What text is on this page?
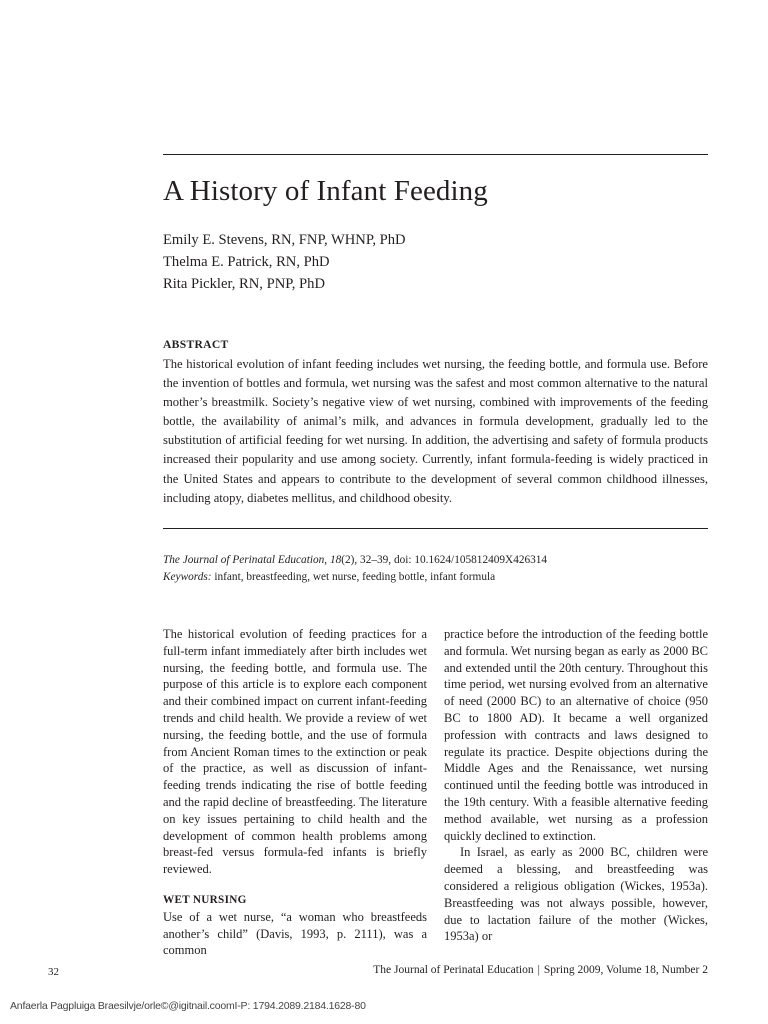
A History of Infant Feeding
Emily E. Stevens, RN, FNP, WHNP, PhD
Thelma E. Patrick, RN, PhD
Rita Pickler, RN, PNP, PhD
ABSTRACT

The historical evolution of infant feeding includes wet nursing, the feeding bottle, and formula use. Before the invention of bottles and formula, wet nursing was the safest and most common alternative to the natural mother’s breastmilk. Society’s negative view of wet nursing, combined with improvements of the feeding bottle, the availability of animal’s milk, and advances in formula development, gradually led to the substitution of artificial feeding for wet nursing. In addition, the advertising and safety of formula products increased their popularity and use among society. Currently, infant formula-feeding is widely practiced in the United States and appears to contribute to the development of several common childhood illnesses, including atopy, diabetes mellitus, and childhood obesity.

The Journal of Perinatal Education, 18(2), 32–39, doi: 10.1624/105812409X426314
Keywords: infant, breastfeeding, wet nurse, feeding bottle, infant formula

The historical evolution of feeding practices for a full-term infant immediately after birth includes wet nursing, the feeding bottle, and formula use. The purpose of this article is to explore each component and their combined impact on current infant-feeding trends and child health. We provide a review of wet nursing, the feeding bottle, and the use of formula from Ancient Roman times to the extinction or peak of the practice, as well as discussion of infant-feeding trends indicating the rise of bottle feeding and the rapid decline of breastfeeding. The literature on key issues pertaining to child health and the development of common health problems among breast-fed versus formula-fed infants is briefly reviewed.

WET NURSING

Use of a wet nurse, “a woman who breastfeeds another’s child” (Davis, 1993, p. 2111), was a common

practice before the introduction of the feeding bottle and formula. Wet nursing began as early as 2000 BC and extended until the 20th century. Throughout this time period, wet nursing evolved from an alternative of need (2000 BC) to an alternative of choice (950 BC to 1800 AD). It became a well organized profession with contracts and laws designed to regulate its practice. Despite objections during the Middle Ages and the Renaissance, wet nursing continued until the feeding bottle was introduced in the 19th century. With a feasible alternative feeding method available, wet nursing as a profession quickly declined to extinction.

In Israel, as early as 2000 BC, children were deemed a blessing, and breastfeeding was considered a religious obligation (Wickes, 1953a). Breastfeeding was not always possible, however, due to lactation failure of the mother (Wickes, 1953a) or

32	The Journal of Perinatal Education | Spring 2009, Volume 18, Number 2
Anfaerla Pagpluiga Braesilvje/orle©@igitnail.coomI-P: 1794.2089.2184.1628-80
